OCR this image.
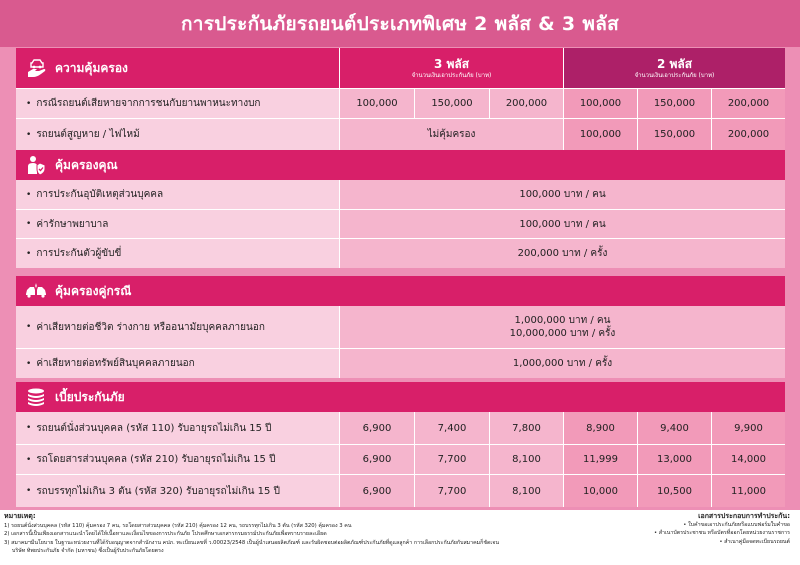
การประกันภัยรถยนต์ประเภทพิเศษ 2 พลัส & 3 พลัส
ความคุ้มครอง	3 พลัส
จำนวนเงินเอาประกันภัย (บาท)
2 พลัส
จำนวนเงินเอาประกันภัย (บาท)
• กรณีรถยนต์เสียหายจากการชนกับยานพาหนะทางบก	100,000	150,000	200,000	100,000	150,000	200,000
• รถยนต์สูญหาย / ไฟไหม้	ไม่คุ้มครอง	100,000	150,000	200,000
คุ้มครองคุณ
• การประกันอุบัติเหตุส่วนบุคคล	100,000 บาท / คน
• ค่ารักษาพยาบาล	100,000 บาท / คน
• การประกันตัวผู้ขับขี่	200,000 บาท / ครั้ง
คุ้มครองคู่กรณี
• ค่าเสียหายต่อชีวิต ร่างกาย หรืออนามัยบุคคลภายนอก
1,000,000 บาท / คน
10,000,000 บาท / ครั้ง
• ค่าเสียหายต่อทรัพย์สินบุคคลภายนอก	1,000,000 บาท / ครั้ง
เบี้ยประกันภัย
• รถยนต์นั่งส่วนบุคคล (รหัส 110) รับอายุรถไม่เกิน 15 ปี	6,900	7,400	7,800	8,900	9,400	9,900
• รถโดยสารส่วนบุคคล (รหัส 210) รับอายุรถไม่เกิน 15 ปี	6,900	7,700	8,100	11,999	13,000	14,000
• รถบรรทุกไม่เกิน 3 ตัน (รหัส 320) รับอายุรถไม่เกิน 15 ปี	6,900	7,700	8,100	10,000	10,500	11,000
หมายเหตุ:
1) รถยนต์นั่งส่วนบุคคล (รหัส 110) คุ้มครอง 7 คน, รถโดยสารส่วนบุคคล (รหัส 210) คุ้มครอง 12 คน, รถบรรทุกไม่เกิน 3 ตัน (รหัส 320) คุ้มครอง 3 คน
2) เอกสารนี้เป็นเพียงเอกสารแนะนำโดยได้ให้เนื้อหาและเงื่อนไขของการประกันภัย โปรดศึกษาเอกสารกรมธรรม์ประกันภัยเพื่อทราบรายละเอียด
3) สมาคมฯมีนโยบาย ในฐานะหน่วยงานที่ได้รับอนุญาตจากสำนักงาน คปภ. ทะเบียนเลขที่ ว.00023/2548 เป็นผู้นำเสนอผลิตภัณฑ์ และรับผิดชอบต่อผลิตภัณฑ์ประกันภัยที่ดูแลลูกค้า การเลือกประกันภัยกับสมาคมก็ชัดเจน
บริษัท ทิพยประกันภัย จำกัด (มหาชน) ซึ่งเป็นผู้รับประกันภัยโดยตรง
เอกสารประกอบการทำประกัน:
• ใบคำขอเอาประกันภัยหรือแบบฟอร์มใบคำขอ
• สำเนาบัตรประชาชน หรือบัตรที่ออกโดยหน่วยงานราชการ
• สำเนาคู่มือจดทะเบียนรถยนต์
